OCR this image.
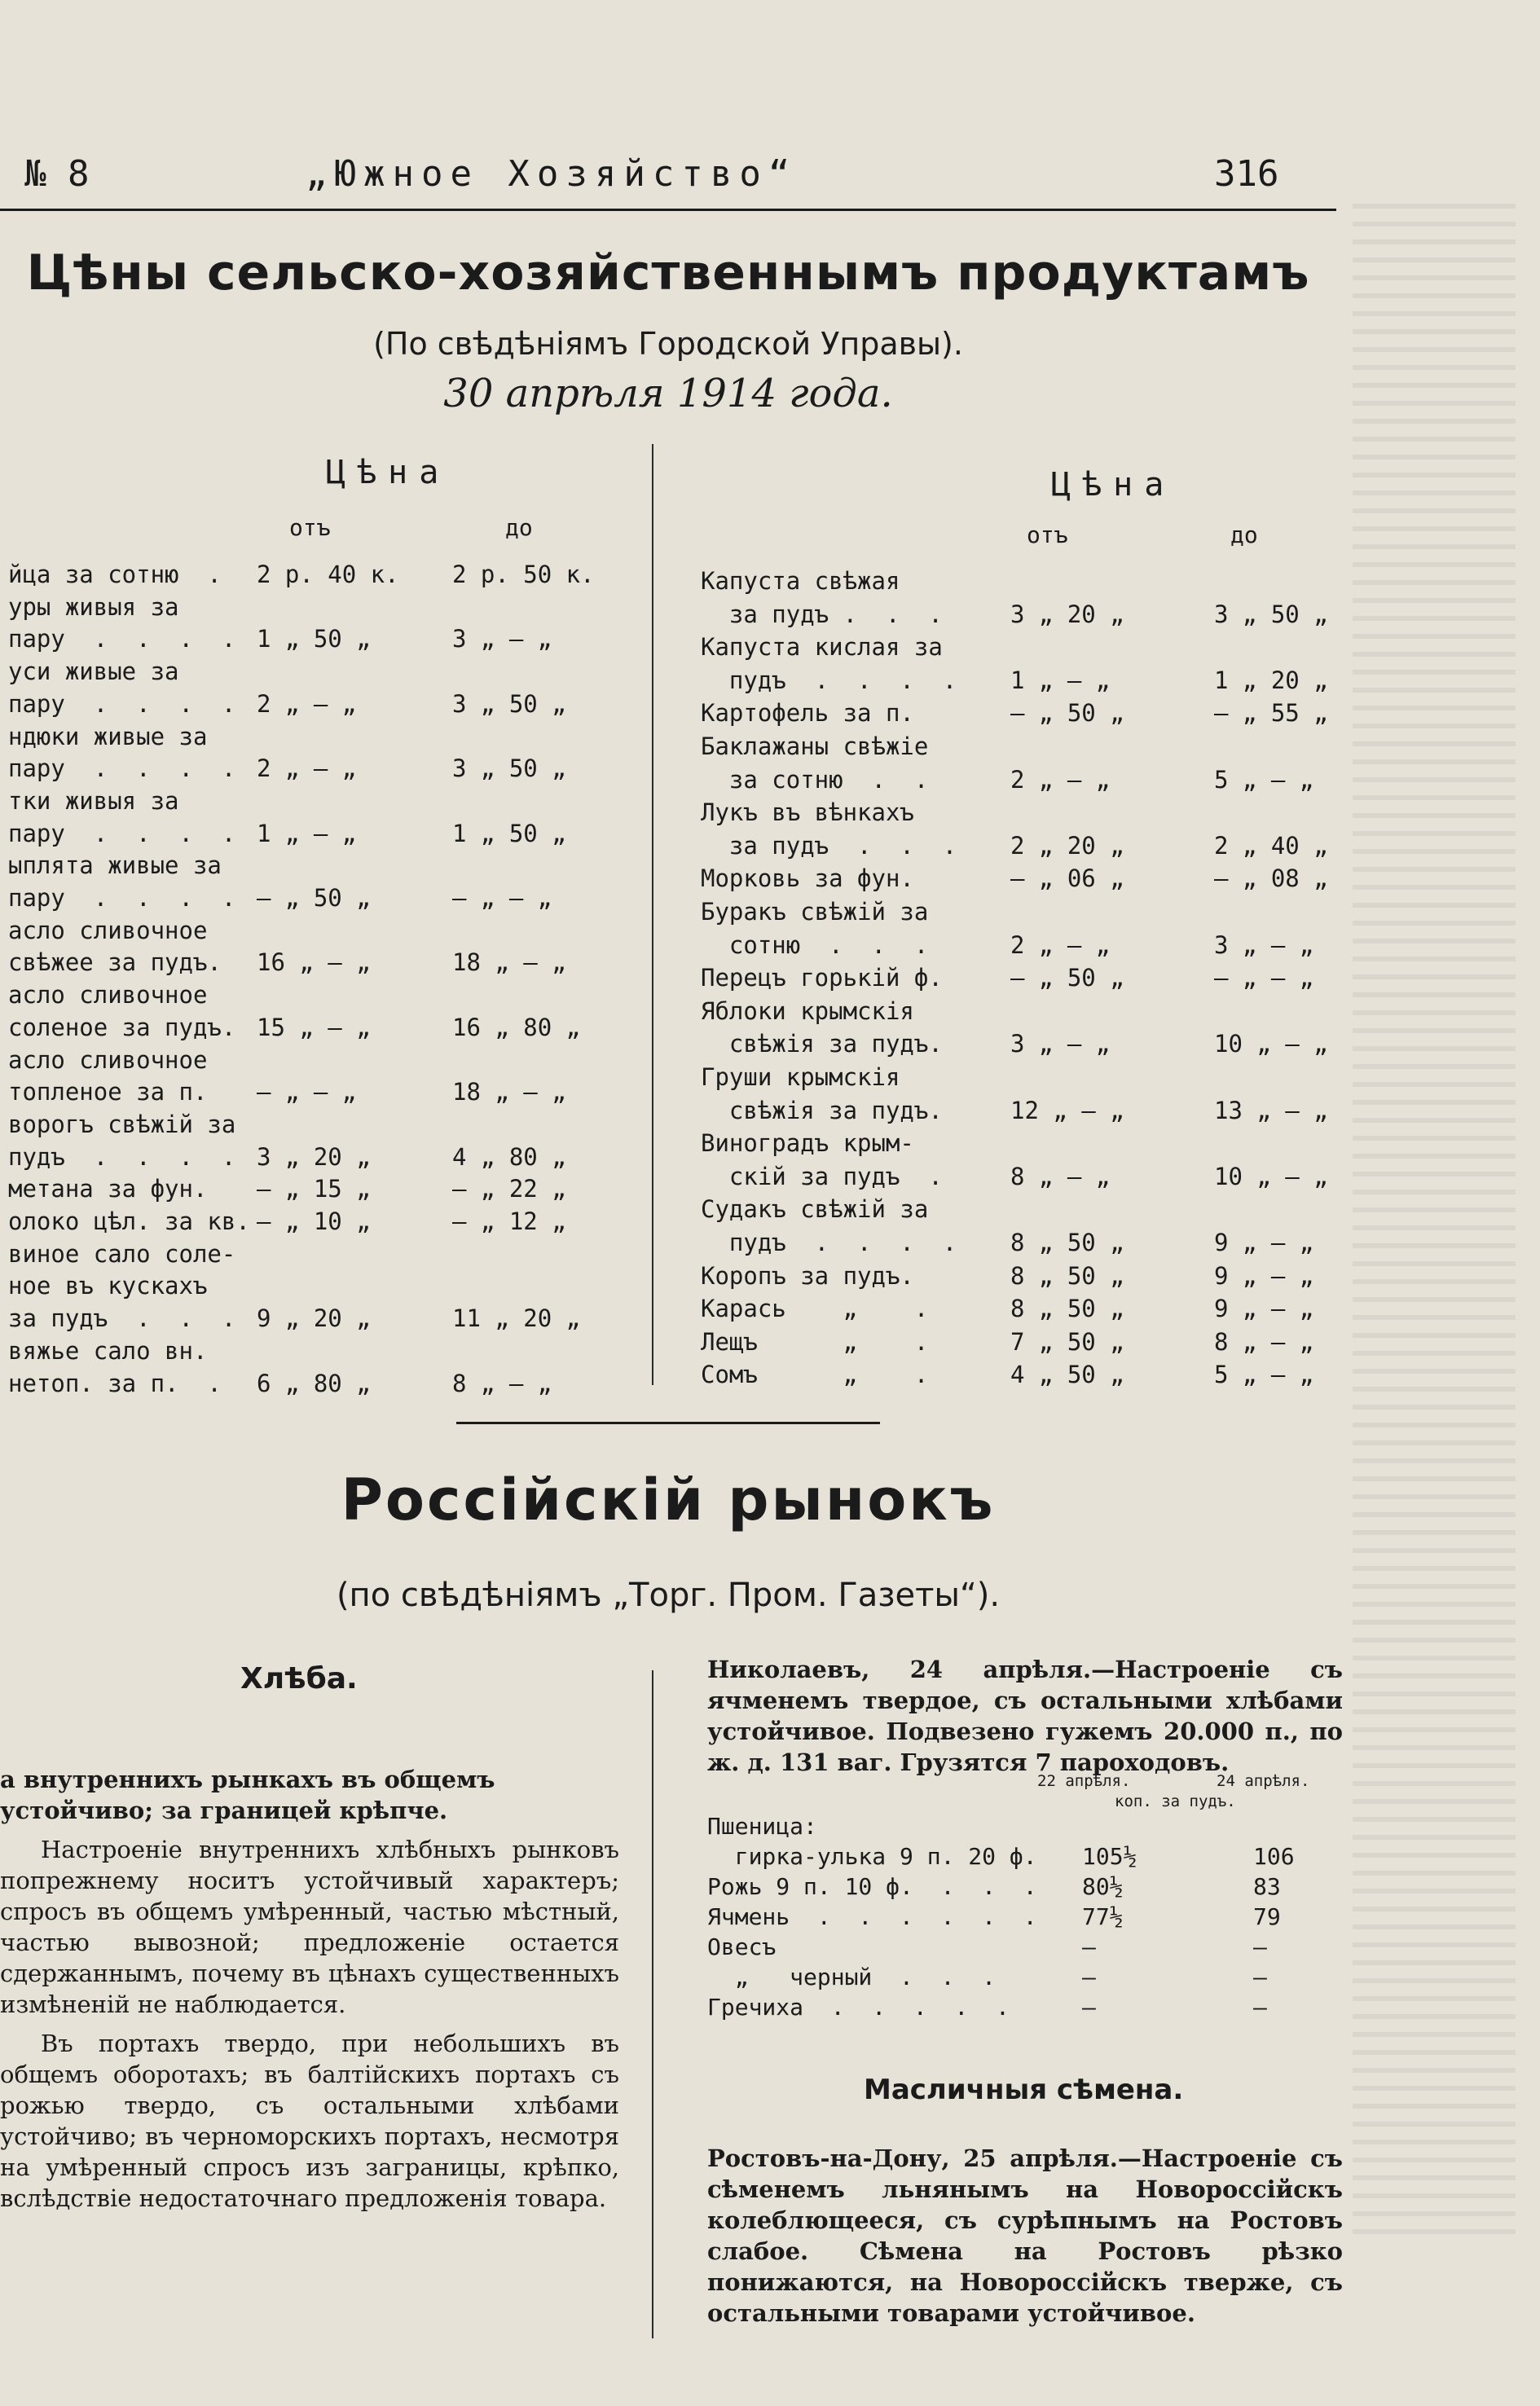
№ 8	„Южное Хозяйство“	316
Цѣны сельско-хозяйственнымъ продуктамъ
(По свѣдѣніямъ Городской Управы).
30 апрѣля 1914 года.
Цѣна
отъ	до
йца за сотню  . 2 р. 40 к. 2 р. 50 к.
уры живыя за
пару  .  .  .  . 1 „ 50 „	3 „ — „
уси живые за
пару  .  .  .  . 2 „ — „	3 „ 50 „
ндюки живые за
пару  .  .  .  . 2 „ — „	3 „ 50 „
тки живыя за
пару  .  .  .  . 1 „ — „	1 „ 50 „
ыплята живые за
пару  .  .  .  . — „ 50 „	— „ — „
асло сливочное
свѣжее за пудъ. 16 „ — „	18 „ — „
асло сливочное
соленое за пудъ. 15 „ — „	16 „ 80 „
асло сливочное
топленое за п. — „ — „	18 „ — „
ворогъ свѣжій за
пудъ  .  .  .  . 3 „ 20 „	4 „ 80 „
метана за фун. — „ 15 „	— „ 22 „
олоко цѣл. за кв. — „ 10 „	— „ 12 „
виное сало соле-
ное въ кускахъ
за пудъ  .  .  . 9 „ 20 „	11 „ 20 „
вяжье сало вн.
нетоп. за п.  . 6 „ 80 „	8 „ — „
Цѣна
отъ	до
Капуста свѣжая
за пудъ .  .  .	3 „ 20 „	3 „ 50 „
Капуста кислая за
пудъ  .  .  .  . 1 „ — „	1 „ 20 „
Картофель за п.	— „ 50 „	— „ 55 „
Баклажаны свѣжіе
за сотню  .  .	2 „ — „	5 „ — „
Лукъ въ вѣнкахъ
за пудъ  .  .  . 2 „ 20 „	2 „ 40 „
Морковь за фун.	— „ 06 „	— „ 08 „
Буракъ свѣжій за
сотню  .  .  .	2 „ — „	3 „ — „
Перецъ горькій ф.	— „ 50 „	— „ — „
Яблоки крымскія
свѣжія за пудъ.	3 „ — „	10 „ — „
Груши крымскія
свѣжія за пудъ.	12 „ — „	13 „ — „
Виноградъ крым-
скій за пудъ  .	8 „ — „	10 „ — „
Судакъ свѣжій за
пудъ  .  .  .  . 8 „ 50 „	9 „ — „
Коропъ за пудъ.	8 „ 50 „	9 „ — „
Карась    „    .	8 „ 50 „	9 „ — „
Лещъ      „    .	7 „ 50 „	8 „ — „
Сомъ      „    .	4 „ 50 „	5 „ — „
Россійскій рынокъ
(по свѣдѣніямъ „Торг. Пром. Газеты“).
Хлѣба.

а внутреннихъ рынкахъ въ общемъ устойчиво; за границей крѣпче.

Настроеніе внутреннихъ хлѣбныхъ рынковъ попрежнему носитъ устойчивый характеръ; спросъ въ общемъ умѣренный, частью мѣстный, частью вывозной; предложеніе остается сдержаннымъ, почему въ цѣнахъ существенныхъ измѣненій не наблюдается.

Въ портахъ твердо, при небольшихъ въ общемъ оборотахъ; въ балтійскихъ портахъ съ рожью твердо, съ остальными хлѣбами устойчиво; въ черноморскихъ портахъ, несмотря на умѣренный спросъ изъ заграницы, крѣпко, вслѣдствіе недостаточнаго предложенія товара.

Николаевъ, 24 апрѣля.—Настроеніе съ ячменемъ твердое, съ остальными хлѣбами устойчивое. Подвезено гужемъ 20.000 п., по ж. д. 131 ваг. Грузятся 7 пароходовъ.
22 апрѣля.	24 апрѣля.
коп. за пудъ.
Пшеница:
гирка-улька 9 п. 20 ф. 105½	106
Рожь 9 п. 10 ф.  .  .  . 80½	83
Ячмень  .  .  .  .  .  . 77½	79
Овесъ	—	—
„   черный  .  .  .	—	—
Гречиха  .  .  .  .  .	—	—
Масличныя сѣмена.
Ростовъ-на-Дону, 25 апрѣля.—Настроеніе съ сѣменемъ льнянымъ на Новороссійскъ колеблющееся, съ сурѣпнымъ на Ростовъ слабое. Сѣмена на Ростовъ рѣзко понижаются, на Новороссійскъ тверже, съ остальными товарами устойчивое.
